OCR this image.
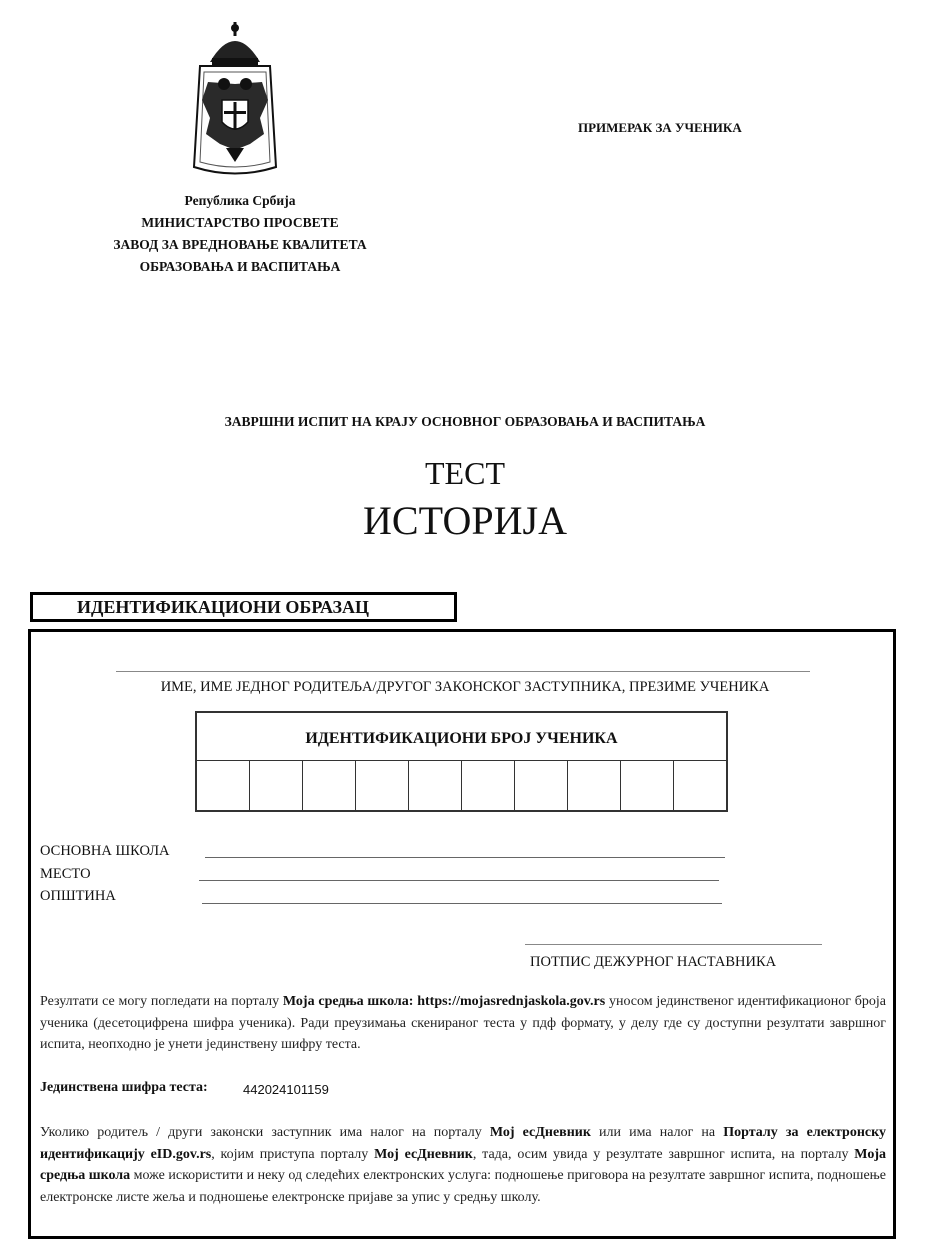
Република Србија
МИНИСТАРСТВО ПРОСВЕТЕ
ЗАВОД ЗА ВРЕДНОВАЊЕ КВАЛИТЕТА
ОБРАЗОВАЊА И ВАСПИТАЊА
ПРИМЕРАК ЗА УЧЕНИКА
ЗАВРШНИ ИСПИТ НА КРАЈУ ОСНОВНОГ ОБРАЗОВАЊА И ВАСПИТАЊА
ТЕСТ
ИСТОРИЈА
ИДЕНТИФИКАЦИОНИ ОБРАЗАЦ
ИМЕ, ИМЕ ЈЕДНОГ РОДИТЕЉА/ДРУГОГ ЗАКОНСКОГ ЗАСТУПНИКА, ПРЕЗИМЕ УЧЕНИКА
ИДЕНТИФИКАЦИОНИ БРОЈ УЧЕНИКА
ОСНОВНА ШКОЛА
МЕСТО
ОПШТИНА
ПОТПИС ДЕЖУРНОГ НАСТАВНИКА
Резултати се могу погледати на порталу Моја средња школа: https://mojasrednjaskola.gov.rs уносом јединственог идентификационог броја ученика (десетоцифрена шифра ученика). Ради преузимања скенираног теста у пдф формату, у делу где су доступни резултати завршног испита, неопходно је унети јединствену шифру теста.
Јединствена шифра теста:	442024101159
Уколико родитељ / други законски заступник има налог на порталу Мој есДневник или има налог на Порталу за електронску идентификацију eID.gov.rs, којим приступа порталу Мој есДневник, тада, осим увида у резултате завршног испита, на порталу Моја средња школа може искористити и неку од следећих електронских услуга: подношење приговора на резултате завршног испита, подношење електронске листе жеља и подношење електронске пријаве за упис у средњу школу.
